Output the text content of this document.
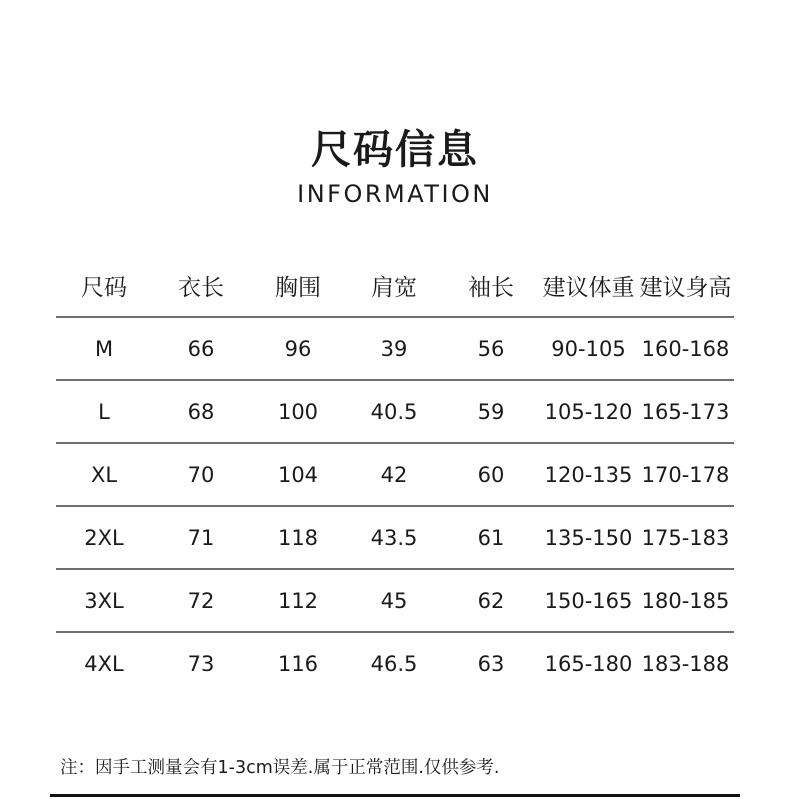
尺码信息
INFORMATION
尺码	衣长	胸围	肩宽	袖长	建议体重 建议身高
M	66	96	39	56	90-105 160-168
L	68	100	40.5	59	105-120 165-173
XL	70	104	42	60	120-135 170-178
2XL	71	118	43.5	61	135-150 175-183
3XL	72	112	45	62	150-165 180-185
4XL	73	116	46.5	63	165-180 183-188
注：因手工测量会有1-3cm误差.属于正常范围.仅供参考.
